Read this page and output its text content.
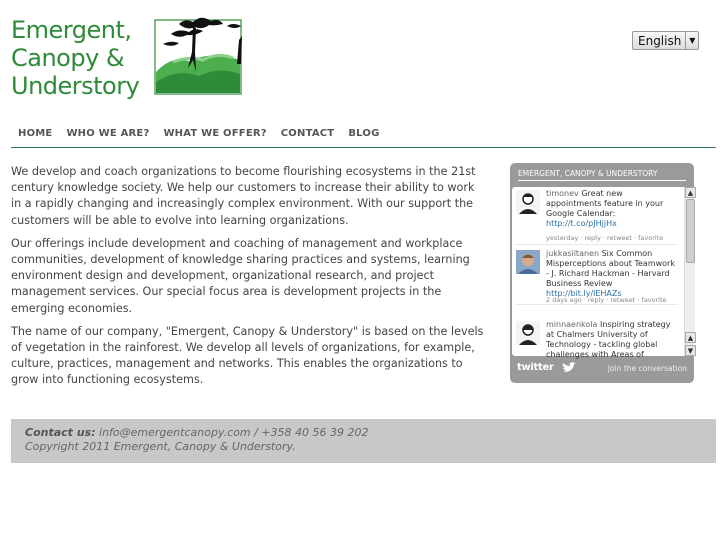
Emergent,
Canopy &
Understory
English ▼
HOME	WHO WE ARE?	WHAT WE OFFER?	CONTACT	BLOG

We develop and coach organizations to become flourishing ecosystems in the 21st century knowledge society. We help our customers to increase their ability to work in a rapidly changing and increasingly complex environment. With our support the customers will be able to evolve into learning organizations.

Our offerings include development and coaching of management and workplace communities, development of knowledge sharing practices and systems, learning environment design and development, organizational research, and project management services. Our special focus area is development projects in the emerging economies.

The name of our company, "Emergent, Canopy & Understory" is based on the levels of vegetation in the rainforest. We develop all levels of organizations, for example, culture, practices, management and networks. This enables the organizations to grow into functioning ecosystems.

EMERGENT, CANOPY & UNDERSTORY
timonev Great new appointments feature in your Google Calendar: http://t.co/pJHjjHx
yesterday · reply · retweet · favorite
jukkasiltanen Six Common Misperceptions about Teamwork - J. Richard Hackman - Harvard Business Review http://bit.ly/lEHAZs
2 days ago · reply · retweet · favorite
minnaenkola Inspiring strategy at Chalmers University of Technology - tackling global challenges with Areas of
▲
▲
▼
twitter	Join the conversation
Contact us: info@emergentcanopy.com / +358 40 56 39 202
Copyright 2011 Emergent, Canopy & Understory.
